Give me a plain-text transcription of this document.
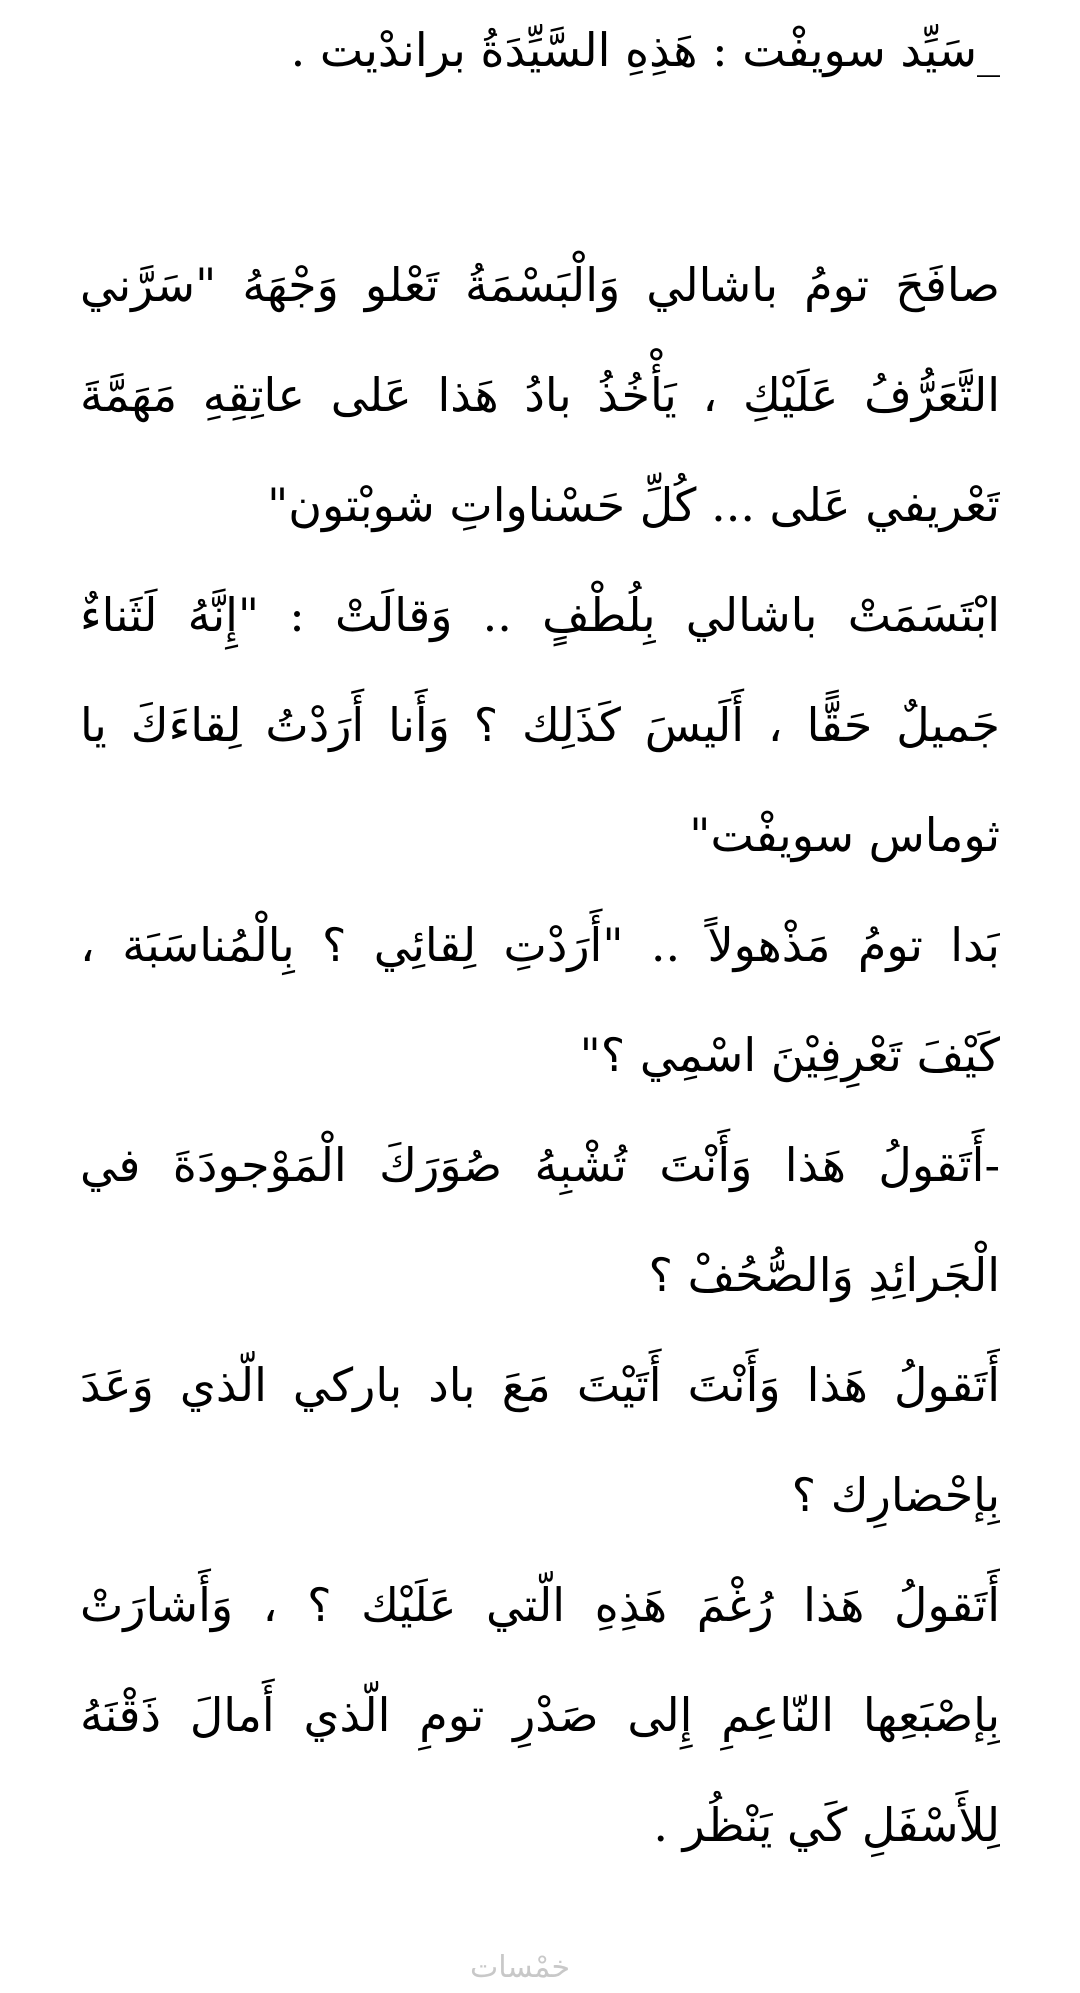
_سَيِّد سويفْت : هَذِهِ السَّيِّدَةُ براندْيت .
صافَحَ تومُ باشالي وَالْبَسْمَةُ تَعْلو وَجْهَهُ "سَرَّني
التَّعَرُّفُ عَلَيْكِ ، يَأْخُذُ بادُ هَذا عَلى عاتِقِهِ مَهَمَّةَ
تَعْريفي عَلى ... كُلِّ حَسْناواتِ شوبْتون"
ابْتَسَمَتْ باشالي بِلُطْفٍ .. وَقالَتْ : "إِنَّهُ لَثَناءٌ
جَميلٌ حَقًّا ، أَلَيسَ كَذَلِك ؟ وَأَنا أَرَدْتُ لِقاءَكَ يا
ثوماس سويفْت"
بَدا تومُ مَذْهولاً .. "أَرَدْتِ لِقائِي ؟ بِالْمُناسَبَة ،
كَيْفَ تَعْرِفِيْنَ اسْمِي ؟"
-أَتَقولُ هَذا وَأَنْتَ تُشْبِهُ صُوَرَكَ الْمَوْجودَةَ في
الْجَرائِدِ وَالصُّحُفْ ؟
أَتَقولُ هَذا وَأَنْتَ أَتَيْتَ مَعَ باد باركي الّذي وَعَدَ
بِإحْضارِك ؟
أَتَقولُ هَذا رُغْمَ هَذِهِ الّتي عَلَيْك ؟ ، وَأَشارَتْ
بِإصْبَعِها النّاعِمِ إِلى صَدْرِ تومِ الّذي أَمالَ ذَقْنَهُ
لِلأَسْفَلِ كَي يَنْظُر .
خمْسات
